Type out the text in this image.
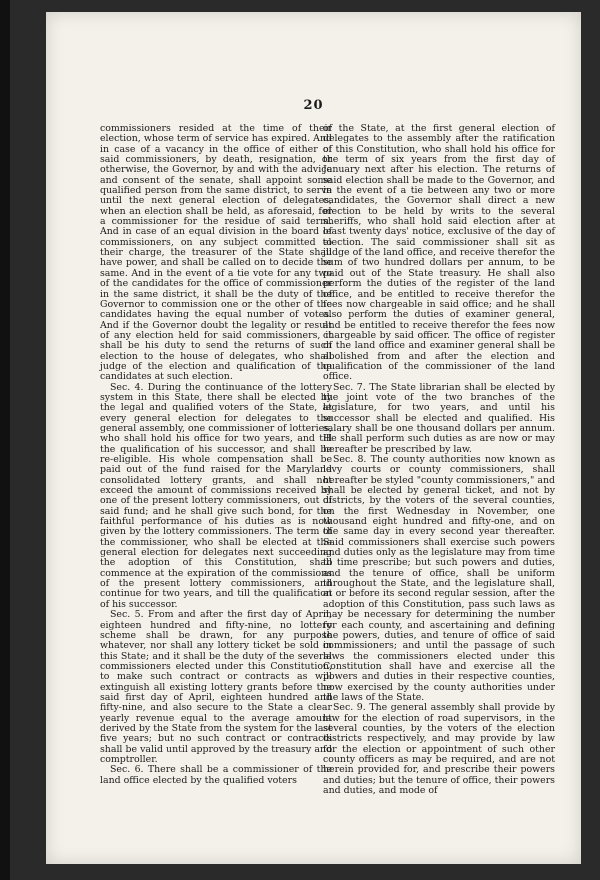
20

commissioners resided at the time of their election, whose term of service has expired. And in case of a vacancy in the office of either of said commissioners, by death, resignation, or otherwise, the Governor, by and with the advice and consent of the senate, shall appoint some qualified person from the same district, to serve until the next general election of delegates, when an election shall be held, as aforesaid, for a commissioner for the residue of said term. And in case of an equal division in the board of commissioners, on any subject committed to their charge, the treasurer of the State shall have power, and shall be called on to decide the same. And in the event of a tie vote for any two of the candidates for the office of commissioner in the same district, it shall be the duty of the Governor to commission one or the other of the candidates having the equal number of votes. And if the Governor doubt the legality or result of any election held for said commissioners, it shall be his duty to send the returns of such election to the house of delegates, who shall judge of the election and qualification of the candidates at such election.

Sec. 4. During the continuance of the lottery system in this State, there shall be elected by the legal and qualified voters of the State, at every general election for delegates to the general assembly, one commissioner of lotteries, who shall hold his office for two years, and till the qualification of his successor, and shall be re-eligible. His whole compensation shall be paid out of the fund raised for the Maryland consolidated lottery grants, and shall not exceed the amount of commissions received by one of the present lottery commissioners, out of said fund; and he shall give such bond, for the faithful performance of his duties as is now given by the lottery commissioners. The term of the commissioner, who shall be elected at the general election for delegates next succeeding the adoption of this Constitution, shall commence at the expiration of the commissions of the present lottery commissioners, and continue for two years, and till the qualification of his successor.

Sec. 5. From and after the first day of April, eighteen hundred and fifty-nine, no lottery scheme shall be drawn, for any purpose whatever, nor shall any lottery ticket be sold in this State; and it shall be the duty of the several commissioners elected under this Constitution, to make such contract or contracts as will extinguish all existing lottery grants before the said first day of April, eighteen hundred and fifty-nine, and also secure to the State a clear yearly revenue equal to the average amount derived by the State from the system for the last five years; but no such contract or contracts shall be valid until approved by the treasury and comptroller.

Sec. 6. There shall be a commissioner of the land office elected by the qualified voters

of the State, at the first general election of delegates to the assembly after the ratification of this Constitution, who shall hold his office for the term of six years from the first day of January next after his election. The returns of said election shall be made to the Governor, and in the event of a tie between any two or more candidates, the Governor shall direct a new election to be held by writs to the several sheriffs, who shall hold said election after at least twenty days' notice, exclusive of the day of election. The said commissioner shall sit as judge of the land office, and receive therefor the sum of two hundred dollars per annum, to be paid out of the State treasury. He shall also perform the duties of the register of the land office, and be entitled to receive therefor the fees now chargeable in said office; and he shall also perform the duties of examiner general, and be entitled to receive therefor the fees now chargeable by said officer. The office of register of the land office and examiner general shall be abolished from and after the election and qualification of the commissioner of the land office.

Sec. 7. The State librarian shall be elected by the joint vote of the two branches of the legislature, for two years, and until his successor shall be elected and qualified. His salary shall be one thousand dollars per annum. He shall perform such duties as are now or may hereafter be prescribed by law.

Sec. 8. The county authorities now known as levy courts or county commissioners, shall hereafter be styled "county commissioners," and shall be elected by general ticket, and not by districts, by the voters of the several counties, on the first Wednesday in November, one thousand eight hundred and fifty-one, and on the same day in every second year thereafter. Said commissioners shall exercise such powers and duties only as the legislature may from time to time prescribe; but such powers and duties, and the tenure of office, shall be uniform throughout the State, and the legislature shall, at or before its second regular session, after the adoption of this Constitution, pass such laws as may be necessary for determining the number for each county, and ascertaining and defining the powers, duties, and tenure of office of said commissioners; and until the passage of such laws the commissioners elected under this Constitution shall have and exercise all the powers and duties in their respective counties, now exercised by the county authorities under the laws of the State.

Sec. 9. The general assembly shall provide by law for the election of road supervisors, in the several counties, by the voters of the election districts respectively, and may provide by law for the election or appointment of such other county officers as may be required, and are not herein provided for, and prescribe their powers and duties; but the tenure of office, their powers and duties, and mode of
